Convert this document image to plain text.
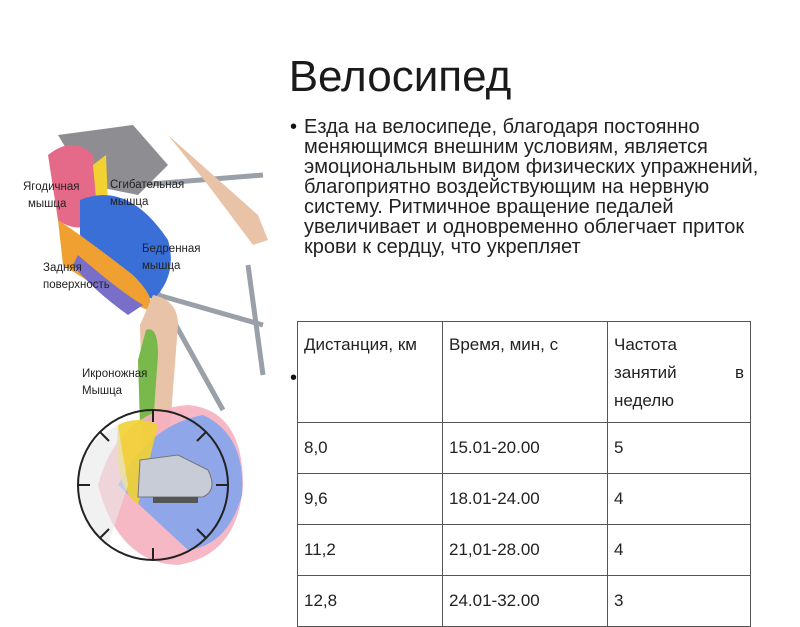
Велосипед
Ягодичная мышца
Сгибательная мышца
Бедренная мышца
Задняя поверхность
Икроножная Мышца
• Езда на велосипеде, благодаря постоянно меняющимся внешним условиям, является эмоциональным видом физических упражнений, благоприятно воздействующим на нервную систему. Ритмичное вращение педалей увеличивает и одновременно облегчает приток крови к сердцу, что укрепляет
•
Дистанция, км	Время, мин, с	Частота занятий в неделю
8,0	15.01-20.00	5
9,6	18.01-24.00	4
11,2	21,01-28.00	4
12,8	24.01-32.00	3
